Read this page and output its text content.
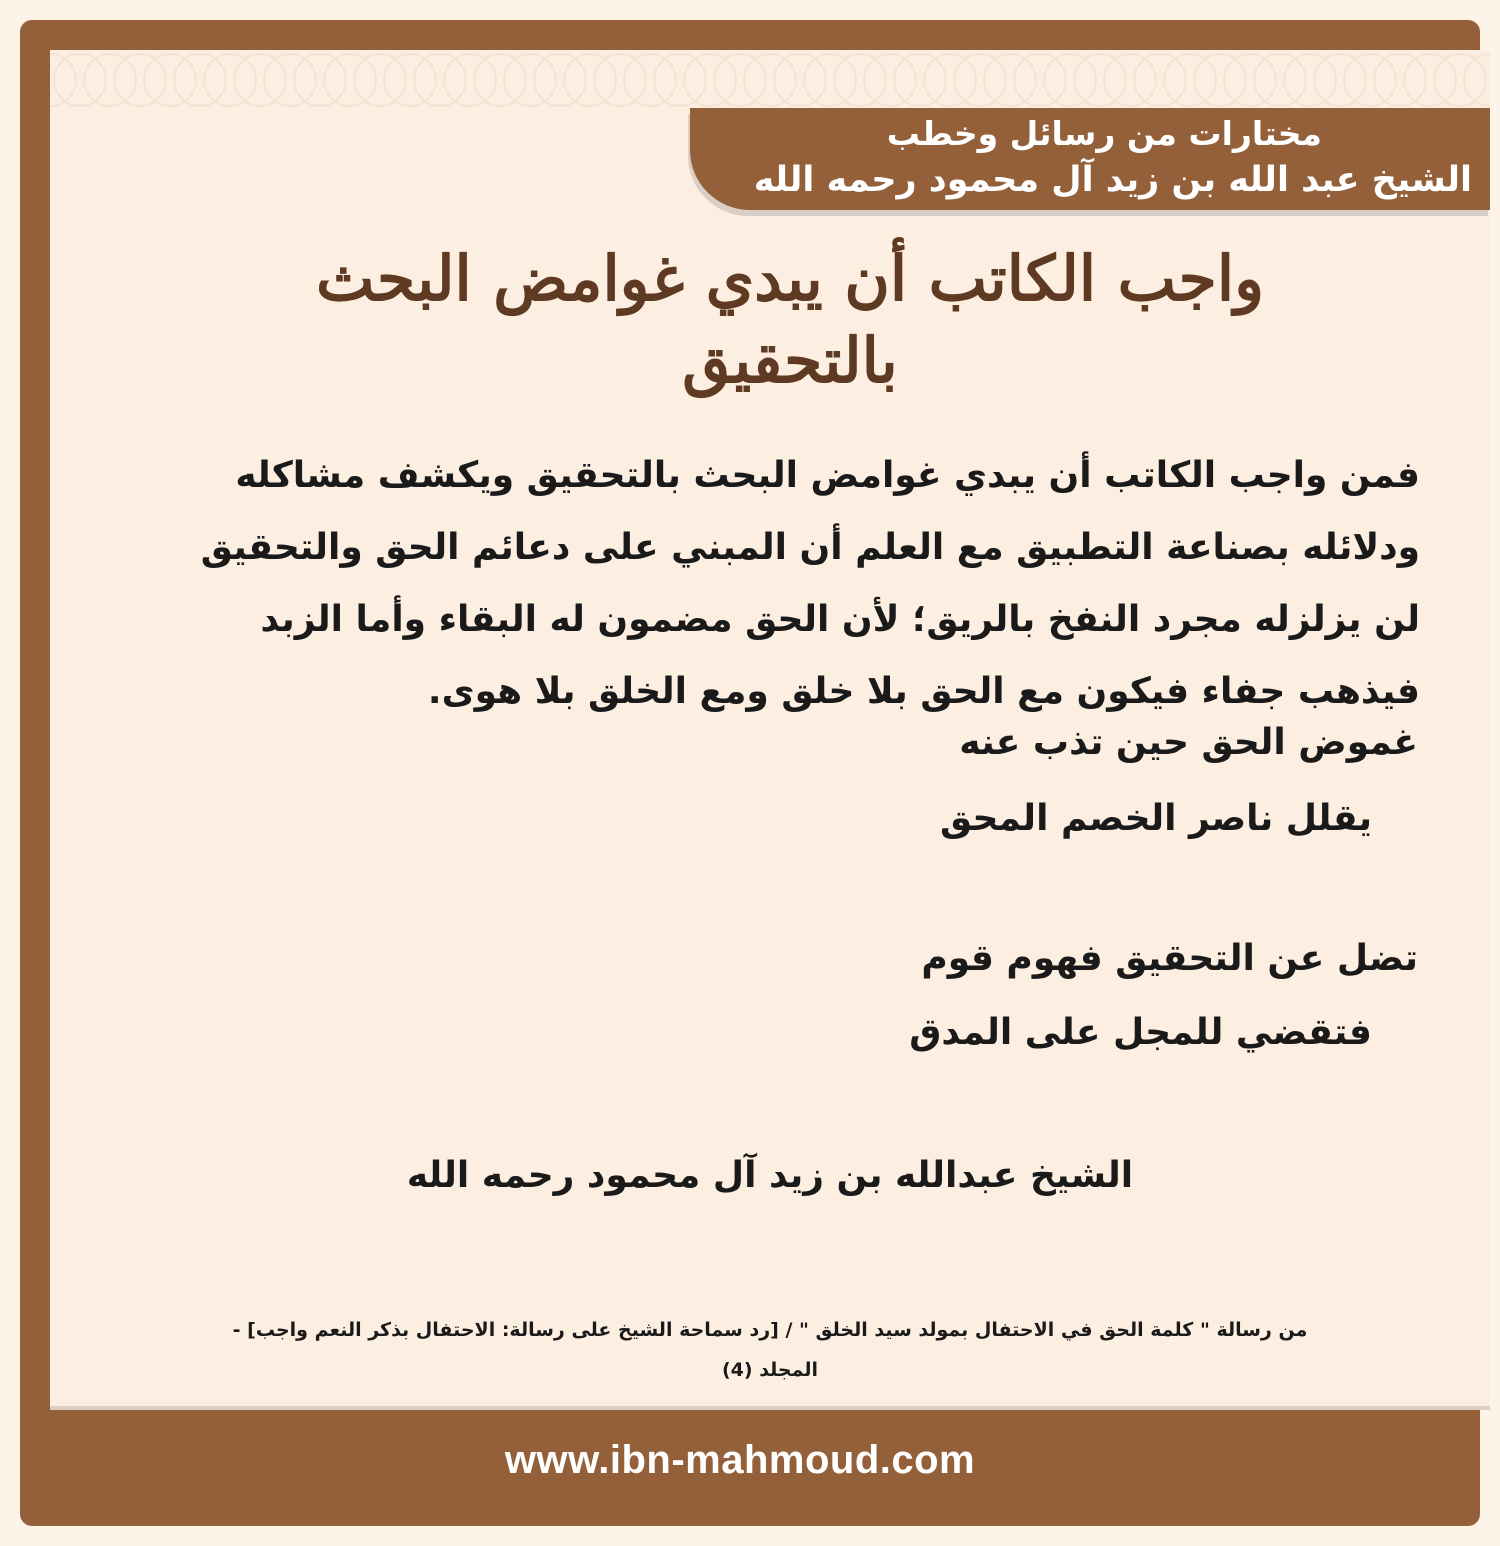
مختارات من رسائل وخطب
الشيخ عبد الله بن زيد آل محمود رحمه الله
واجب الكاتب أن يبدي غوامض البحث بالتحقيق
فمن واجب الكاتب أن يبدي غوامض البحث بالتحقيق ويكشف مشاكله ودلائله بصناعة التطبيق مع العلم أن المبني على دعائم الحق والتحقيق لن يزلزله مجرد النفخ بالريق؛ لأن الحق مضمون له البقاء وأما الزبد فيذهب جفاء فيكون مع الحق بلا خلق ومع الخلق بلا هوى.
غموض الحق حين تذب عنه
يقلل ناصر الخصم المحق
تضل عن التحقيق فهوم قوم
فتقضي للمجل على المدق
الشيخ عبدالله بن زيد آل محمود رحمه الله
من رسالة " كلمة الحق في الاحتفال بمولد سيد الخلق " / [رد سماحة الشيخ على رسالة: الاحتفال بذكر النعم واجب] -
المجلد (4)
www.ibn-mahmoud.com
